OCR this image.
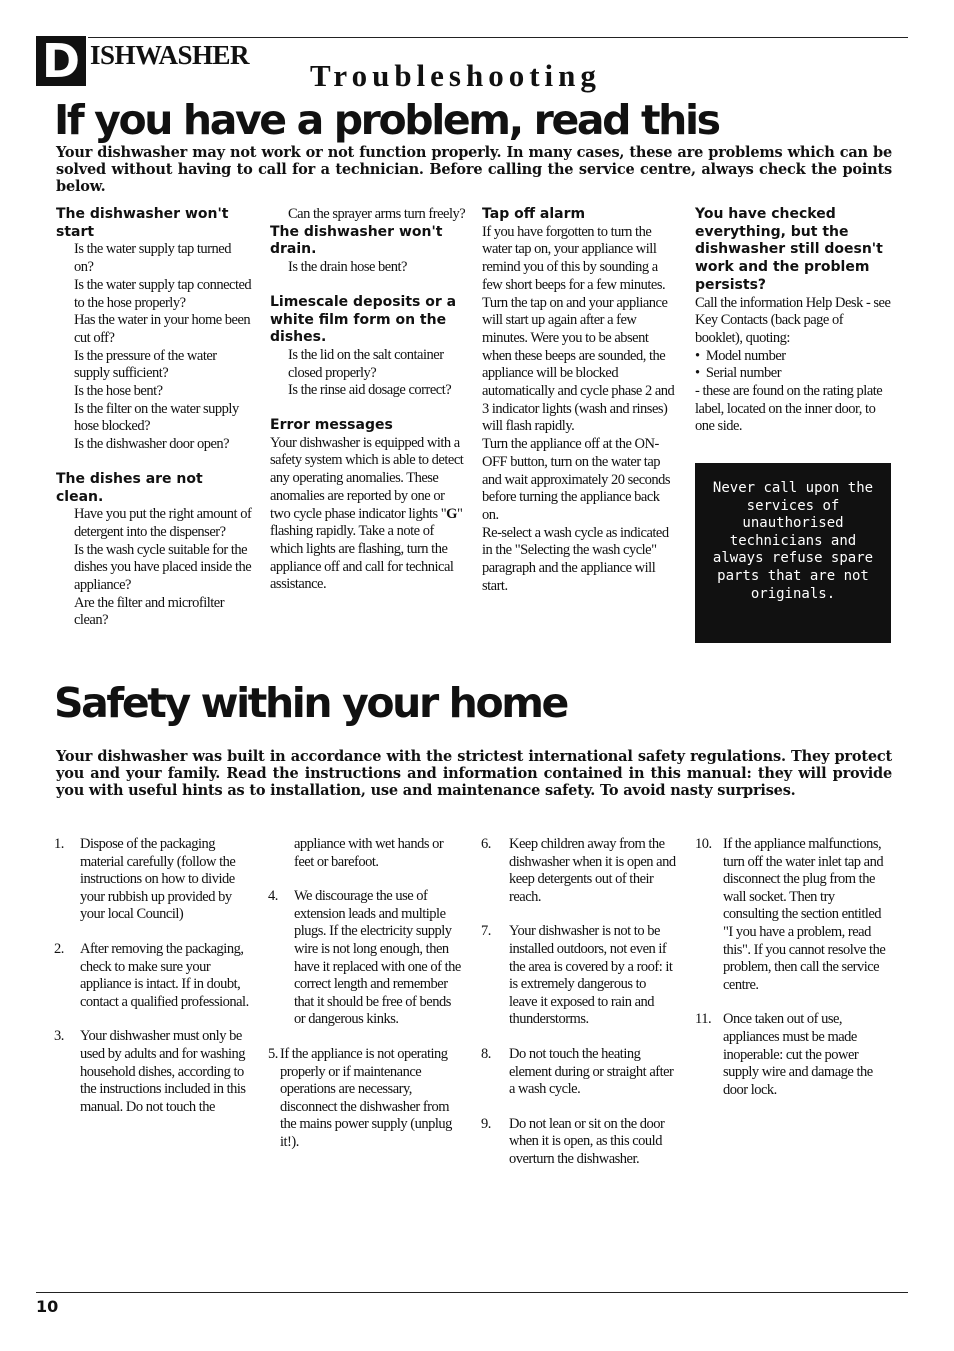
D ISHWASHER
Troubleshooting
If you have a problem, read this
Your dishwasher may not work or not function properly. In many cases, these are problems which can be solved without having to call for a technician. Before calling the service centre, always check the points below.
The dishwasher won't start

Is the water supply tap turned on?

Is the water supply tap connected to the hose properly?

Has the water in your home been cut off?

Is the pressure of the water supply sufficient?

Is the hose bent?

Is the filter on the water supply hose blocked?

Is the dishwasher door open?

The dishes are not clean.

Have you put the right amount of detergent into the dispenser?

Is the wash cycle suitable for the dishes you have placed inside the appliance?

Are the filter and microfilter clean?

Can the sprayer arms turn freely?

The dishwasher won't drain.

Is the drain hose bent?

Limescale deposits or a white film form on the dishes.

Is the lid on the salt container closed properly?

Is the rinse aid dosage correct?

Error messages

Your dishwasher is equipped with a safety system which is able to detect any operating anomalies. These anomalies are reported by one or two cycle phase indicator lights "G" flashing rapidly. Take a note of which lights are flashing, turn the appliance off and call for technical assistance.

Tap off alarm

If you have forgotten to turn the water tap on, your appliance will remind you of this by sounding a few short beeps for a few minutes. Turn the tap on and your appliance will start up again after a few minutes. Were you to be absent when these beeps are sounded, the appliance will be blocked automatically and cycle phase 2 and 3 indicator lights (wash and rinses) will flash rapidly.

Turn the appliance off at the ON-OFF button, turn on the water tap and wait approximately 20 seconds before turning the appliance back on.

Re-select a wash cycle as indicated in the "Selecting the wash cycle" paragraph and the appliance will start.

You have checked everything, but the dishwasher still doesn't work and the problem persists?

Call the information Help Desk - see Key Contacts (back page of booklet), quoting:

•  Model number

•  Serial number

- these are found on the rating plate label, located on the inner door, to one side.

Never call upon the services of unauthorised technicians and always refuse spare parts that are not originals.
Safety within your home
Your dishwasher was built in accordance with the strictest international safety regulations. They protect you and your family. Read the instructions and information contained in this manual: they will provide you with useful hints as to installation, use and maintenance safety. To avoid nasty surprises.
1.	Dispose of the packaging material carefully (follow the instructions on how to divide your rubbish up provided by your local Council)
2.	After removing the packaging, check to make sure your appliance is intact. If in doubt, contact a qualified professional.
3.	Your dishwasher must only be used by adults and for washing household dishes, according to the instructions included in this manual. Do not touch the
appliance with wet hands or feet or barefoot.
4.	We discourage the use of extension leads and multiple plugs. If the electricity supply wire is not long enough, then have it replaced with one of the correct length and remember that it should be free of bends or dangerous kinks.
5. If the appliance is not operating properly or if maintenance operations are necessary, disconnect the dishwasher from the mains power supply (unplug it!).
6.	Keep children away from the dishwasher when it is open and keep detergents out of their reach.
7.	Your dishwasher is not to be installed outdoors, not even if the area is covered by a roof: it is extremely dangerous to leave it exposed to rain and thunderstorms.
8.	Do not touch the heating element during or straight after a wash cycle.
9.	Do not lean or sit on the door when it is open, as this could overturn the dishwasher.
10. If the appliance malfunctions, turn off the water inlet tap and disconnect the plug from the wall socket. Then try consulting the section entitled "I you have a problem, read this". If you cannot resolve the problem, then call the service centre.
11. Once taken out of use, appliances must be made inoperable: cut the power supply wire and damage the door lock.
10
